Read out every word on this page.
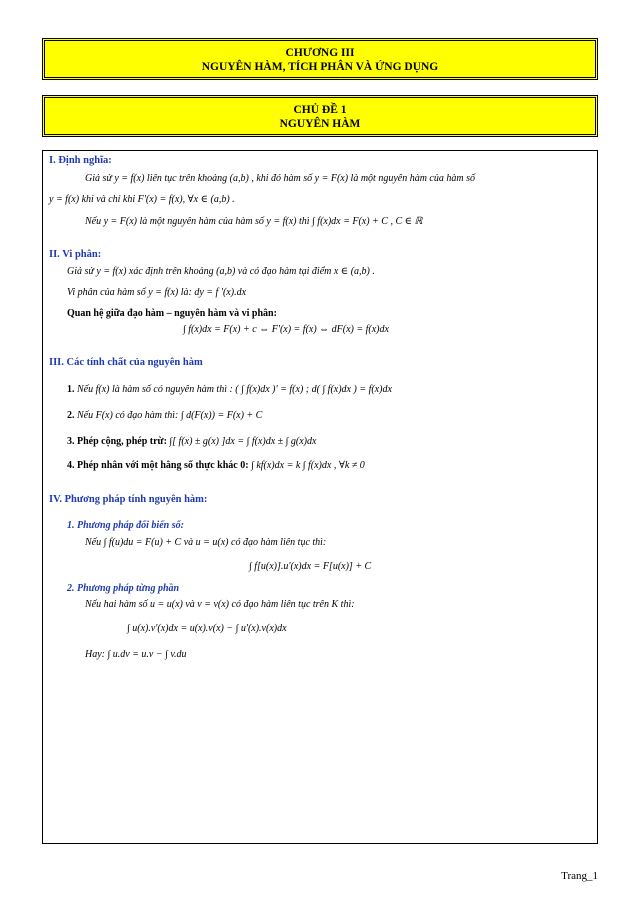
CHƯƠNG III
NGUYÊN HÀM, TÍCH PHÂN VÀ ỨNG DỤNG
CHỦ ĐỀ 1
NGUYÊN HÀM
I. Định nghĩa:
Giả sử y = f(x) liên tục trên khoảng (a,b) , khi đó hàm số y = F(x) là một nguyên hàm của hàm số
y = f(x) khi và chỉ khi F'(x) = f(x), ∀x ∈ (a,b) .
Nếu y = F(x) là một nguyên hàm của hàm số y = f(x) thì ∫ f(x)dx = F(x) + C , C ∈ ℝ
II. Vi phân:
Giả sử y = f(x) xác định trên khoảng (a,b) và có đạo hàm tại điểm x ∈ (a,b) .
Vi phân của hàm số y = f(x) là: dy = f '(x).dx
Quan hệ giữa đạo hàm – nguyên hàm và vi phân:
∫ f(x)dx = F(x) + c ⇔ F'(x) = f(x) ⇔ dF(x) = f(x)dx
III. Các tính chất của nguyên hàm
1. Nếu f(x) là hàm số có nguyên hàm thì : ( ∫ f(x)dx )' = f(x) ; d( ∫ f(x)dx ) = f(x)dx
2. Nếu F(x) có đạo hàm thì: ∫ d(F(x)) = F(x) + C
3. Phép cộng, phép trừ: ∫[ f(x) ± g(x) ]dx = ∫ f(x)dx ± ∫ g(x)dx
4. Phép nhân với một hằng số thực khác 0: ∫ kf(x)dx = k ∫ f(x)dx , ∀k ≠ 0
IV. Phương pháp tính nguyên hàm:
1. Phương pháp đổi biến số:
Nếu ∫ f(u)du = F(u) + C và u = u(x) có đạo hàm liên tục thì:
∫ f[u(x)].u'(x)dx = F[u(x)] + C
2. Phương pháp từng phần
Nếu hai hàm số u = u(x) và v = v(x) có đạo hàm liên tục trên K thì:
∫ u(x).v'(x)dx = u(x).v(x) − ∫ u'(x).v(x)dx
Hay: ∫ u.dv = u.v − ∫ v.du
Trang_1
